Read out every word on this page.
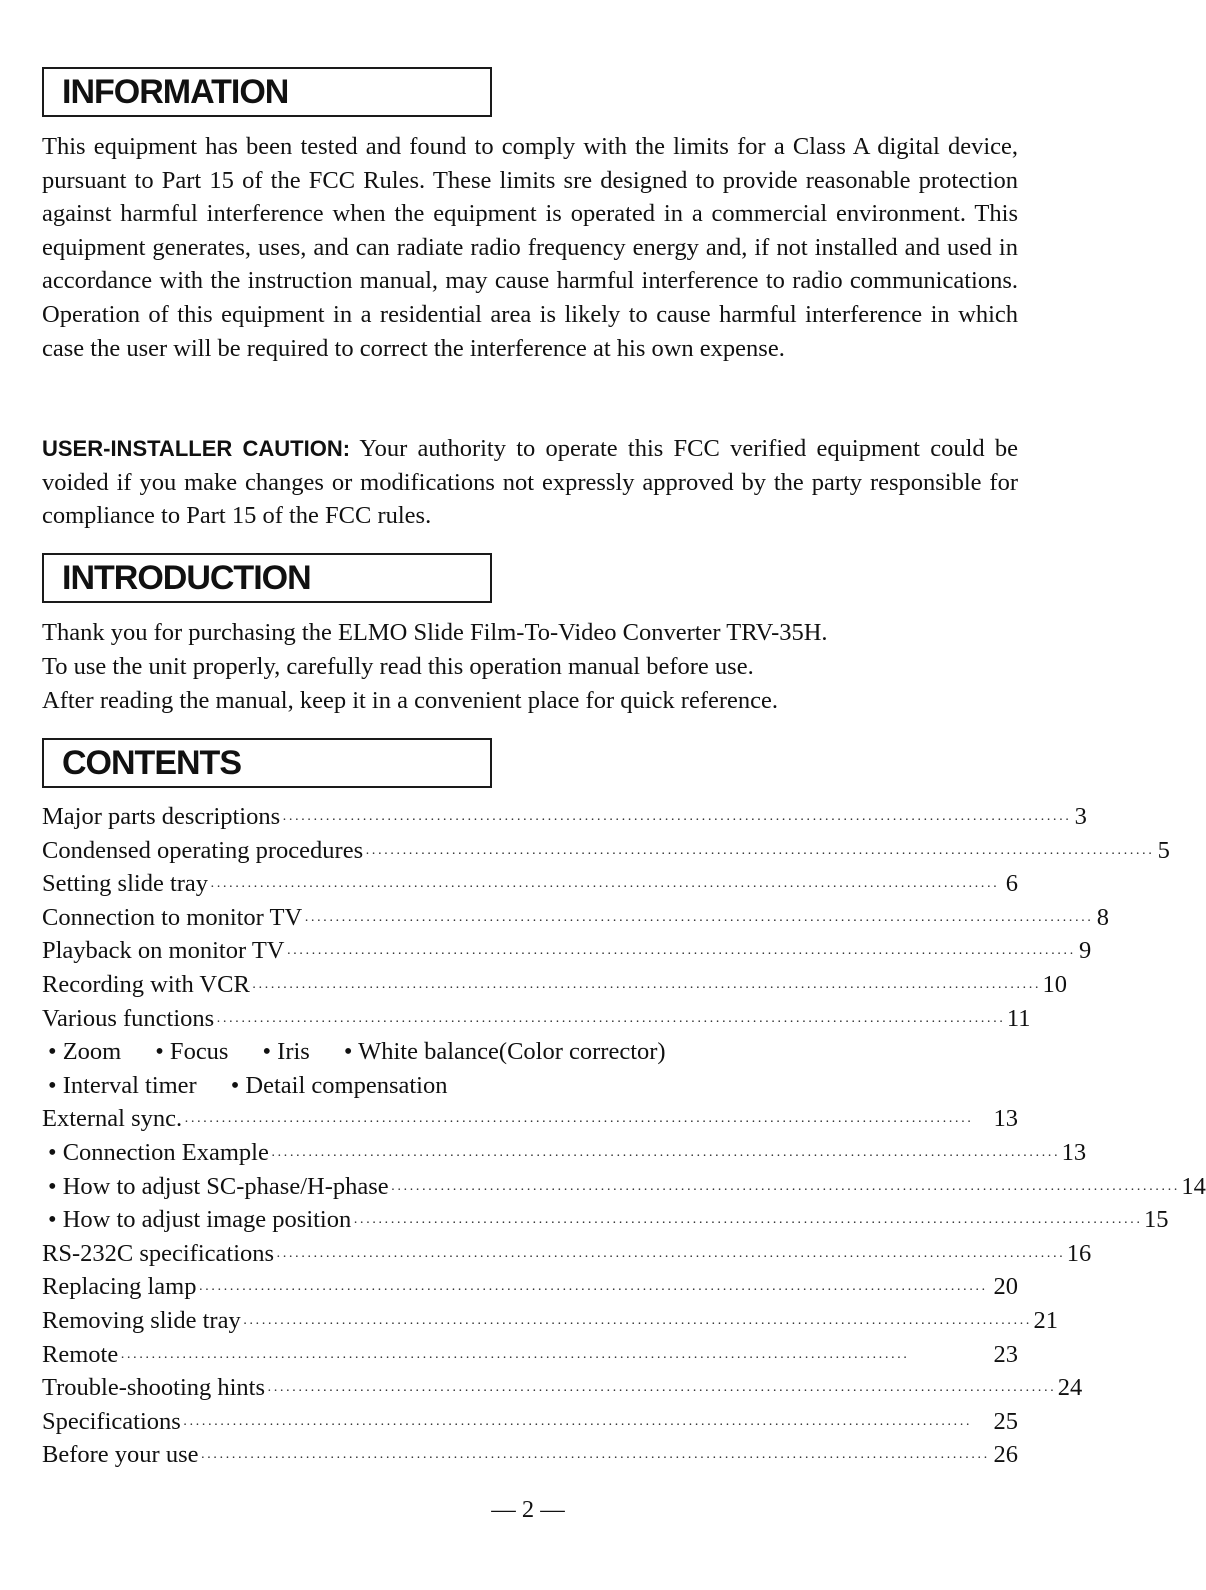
INFORMATION

This equipment has been tested and found to comply with the limits for a Class A digital device, pursuant to Part 15 of the FCC Rules. These limits sre designed to provide reasonable protection against harmful interference when the equipment is operated in a commercial environment. This equipment generates, uses, and can radiate radio frequency energy and, if not installed and used in accordance with the instruction manual, may cause harmful interference to radio communications. Operation of this equipment in a residential area is likely to cause harmful interference in which case the user will be required to correct the interference at his own expense.

USER-INSTALLER CAUTION: Your authority to operate this FCC verified equipment could be voided if you make changes or modifications not expressly approved by the party responsible for compliance to Part 15 of the FCC rules.

INTRODUCTION
Thank you for purchasing the ELMO Slide Film-To-Video Converter TRV-35H.
To use the unit properly, carefully read this operation manual before use.
After reading the manual, keep it in a convenient place for quick reference.
CONTENTS
Major parts descriptions ································································································································ 3
Condensed operating procedures ································································································································ 5
Setting slide tray ································································································································ 6
Connection to monitor TV ································································································································ 8
Playback on monitor TV ································································································································ 9
Recording with VCR ································································································································ 10
Various functions ································································································································ 11
• Zoom • Focus • Iris • White balance(Color corrector)
• Interval timer • Detail compensation
External sync. ································································································································ 13
• Connection Example ································································································································ 13
• How to adjust SC-phase/H-phase ································································································································ 14
• How to adjust image position ································································································································ 15
RS-232C specifications ································································································································ 16
Replacing lamp ································································································································ 20
Removing slide tray ································································································································ 21
Remote ································································································································	23
Trouble-shooting hints ································································································································ 24
Specifications ································································································································ 25
Before your use ································································································································ 26
— 2 —
